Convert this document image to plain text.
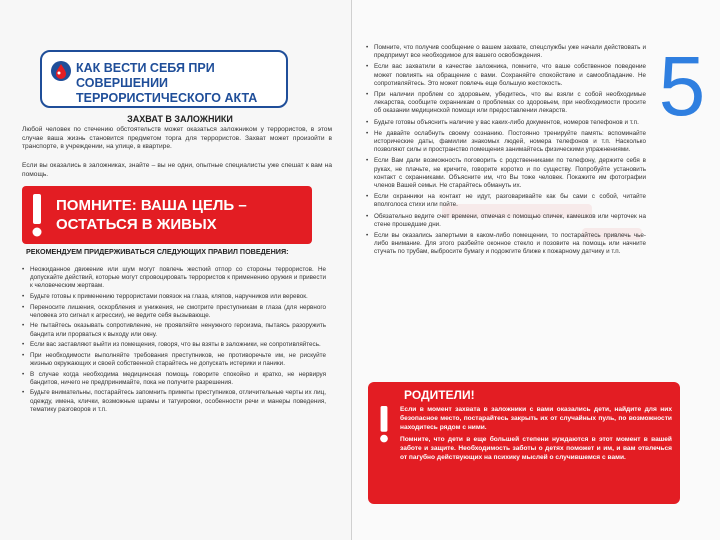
КАК ВЕСТИ СЕБЯ ПРИ СОВЕРШЕНИИ ТЕРРОРИСТИЧЕСКОГО АКТА
ЗАХВАТ В ЗАЛОЖНИКИ
Любой человек по стечению обстоятельств может оказаться заложником у террористов, в этом случае ваша жизнь становится предметом торга для террористов. Захват может произойти в транспорте, в учреждении, на улице, в квартире.
Если вы оказались в заложниках, знайте – вы не одни, опытные специалисты уже спешат к вам на помощь.
ПОМНИТЕ: ВАША ЦЕЛЬ – ОСТАТЬСЯ В ЖИВЫХ
РЕКОМЕНДУЕМ ПРИДЕРЖИВАТЬСЯ СЛЕДУЮЩИХ ПРАВИЛ ПОВЕДЕНИЯ:
• Неожиданное движение или шум могут повлечь жесткий отпор со стороны террористов. Не допускайте действий, которые могут спровоцировать террористов к применению оружия и привести к человеческим жертвам.
• Будьте готовы к применению террористами повязок на глаза, кляпов, наручников или веревок.
• Переносите лишения, оскорбления и унижения, не смотрите преступникам в глаза (для нервного человека это сигнал к агрессии), не ведите себя вызывающе.
• Не пытайтесь оказывать сопротивление, не проявляйте ненужного героизма, пытаясь разоружить бандита или прорваться к выходу или окну.
• Если вас заставляют выйти из помещения, говоря, что вы взяты в заложники, не сопротивляйтесь.
• При необходимости выполняйте требования преступников, не противоречьте им, не рискуйте жизнью окружающих и своей собственной старайтесь не допускать истерики и паники.
• В случае когда необходима медицинская помощь говорите спокойно и кратко, не нервируя бандитов, ничего не предпринимайте, пока не получите разрешения.
• Будьте внимательны, постарайтесь запомнить приметы преступников, отличительные черты их лиц, одежду, имена, клички, возможные шрамы и татуировки, особенности речи и манеры поведения, тематику разговоров и т.п.
• Помните, что получив сообщение о вашем захвате, спецслужбы уже начали действовать и предпримут все необходимое для вашего освобождения.
• Если вас захватили в качестве заложника, помните, что ваше собственное поведение может повлиять на обращение с вами. Сохраняйте спокойствие и самообладание. Не сопротивляйтесь. Это может повлечь еще большую жестокость.
• При наличии проблем со здоровьем, убедитесь, что вы взяли с собой необходимые лекарства, сообщите охранникам о проблемах со здоровьем, при необходимости просите об оказании медицинской помощи или предоставлении лекарств.
• Будьте готовы объяснить наличие у вас каких-либо документов, номеров телефонов и т.п.
• Не давайте ослабнуть своему сознанию. Постоянно тренируйте память: вспоминайте исторические даты, фамилии знакомых людей, номера телефонов и т.п. Насколько позволяют силы и пространство помещения занимайтесь физическими упражнениями.
• Если Вам дали возможность поговорить с родственниками по телефону, держите себя в руках, не плачьте, не кричите, говорите коротко и по существу. Попробуйте установить контакт с охранниками. Объясните им, что Вы тоже человек. Покажите им фотографии членов Вашей семьи. Не старайтесь обмануть их.
• Если охранники на контакт не идут, разговаривайте как бы сами с собой, читайте вполголоса стихи или пойте.
• Обязательно ведите счет времени, отмечая с помощью спичек, камешков или черточек на стене прошедшие дни.
• Если вы оказались запертыми в каком-либо помещении, то постарайтесь привлечь чье-либо внимание. Для этого разбейте оконное стекло и позовите на помощь или начните стучать по трубам, выбросите бумагу и подожгите ближе к пожарному датчику и т.п.
5
РОДИТЕЛИ!

Если в момент захвата в заложники с вами оказались дети, найдите для них безопасное место, постарайтесь закрыть их от случайных пуль, по возможности находитесь рядом с ними.

Помните, что дети в еще большей степени нуждаются в этот момент в вашей заботе и защите. Необходимость заботы о детях поможет и им, и вам отвлечься от пагубно действующих на психику мыслей о случившемся с вами.
